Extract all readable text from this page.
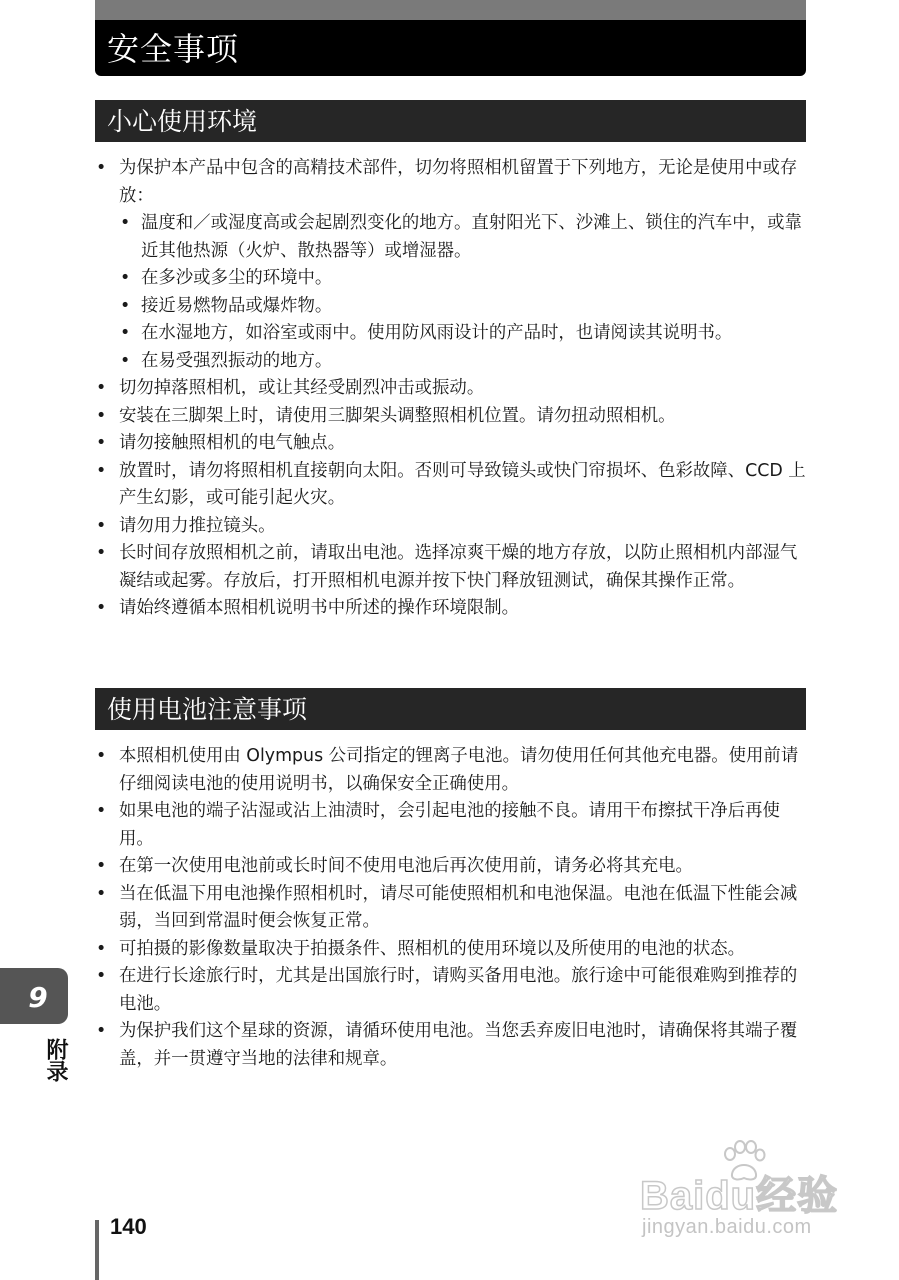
安全事项
小心使用环境
• 为保护本产品中包含的高精技术部件，切勿将照相机留置于下列地方，无论是使用中或存放：
• 温度和／或湿度高或会起剧烈变化的地方。直射阳光下、沙滩上、锁住的汽车中，或靠近其他热源（火炉、散热器等）或增湿器。
• 在多沙或多尘的环境中。
• 接近易燃物品或爆炸物。
• 在水湿地方，如浴室或雨中。使用防风雨设计的产品时，也请阅读其说明书。
• 在易受强烈振动的地方。
• 切勿掉落照相机，或让其经受剧烈冲击或振动。
• 安装在三脚架上时，请使用三脚架头调整照相机位置。请勿扭动照相机。
• 请勿接触照相机的电气触点。
• 放置时，请勿将照相机直接朝向太阳。否则可导致镜头或快门帘损坏、色彩故障、CCD 上产生幻影，或可能引起火灾。
• 请勿用力推拉镜头。
• 长时间存放照相机之前，请取出电池。选择凉爽干燥的地方存放，以防止照相机内部湿气凝结或起雾。存放后，打开照相机电源并按下快门释放钮测试，确保其操作正常。
• 请始终遵循本照相机说明书中所述的操作环境限制。
使用电池注意事项
• 本照相机使用由 Olympus 公司指定的锂离子电池。请勿使用任何其他充电器。使用前请仔细阅读电池的使用说明书，以确保安全正确使用。
• 如果电池的端子沾湿或沾上油渍时，会引起电池的接触不良。请用干布擦拭干净后再使用。
• 在第一次使用电池前或长时间不使用电池后再次使用前，请务必将其充电。
• 当在低温下用电池操作照相机时，请尽可能使照相机和电池保温。电池在低温下性能会减弱，当回到常温时便会恢复正常。
• 可拍摄的影像数量取决于拍摄条件、照相机的使用环境以及所使用的电池的状态。
• 在进行长途旅行时，尤其是出国旅行时，请购买备用电池。旅行途中可能很难购到推荐的电池。
• 为保护我们这个星球的资源，请循环使用电池。当您丢弃废旧电池时，请确保将其端子覆盖，并一贯遵守当地的法律和规章。
9
附录
140
Baidu经验
jingyan.baidu.com
